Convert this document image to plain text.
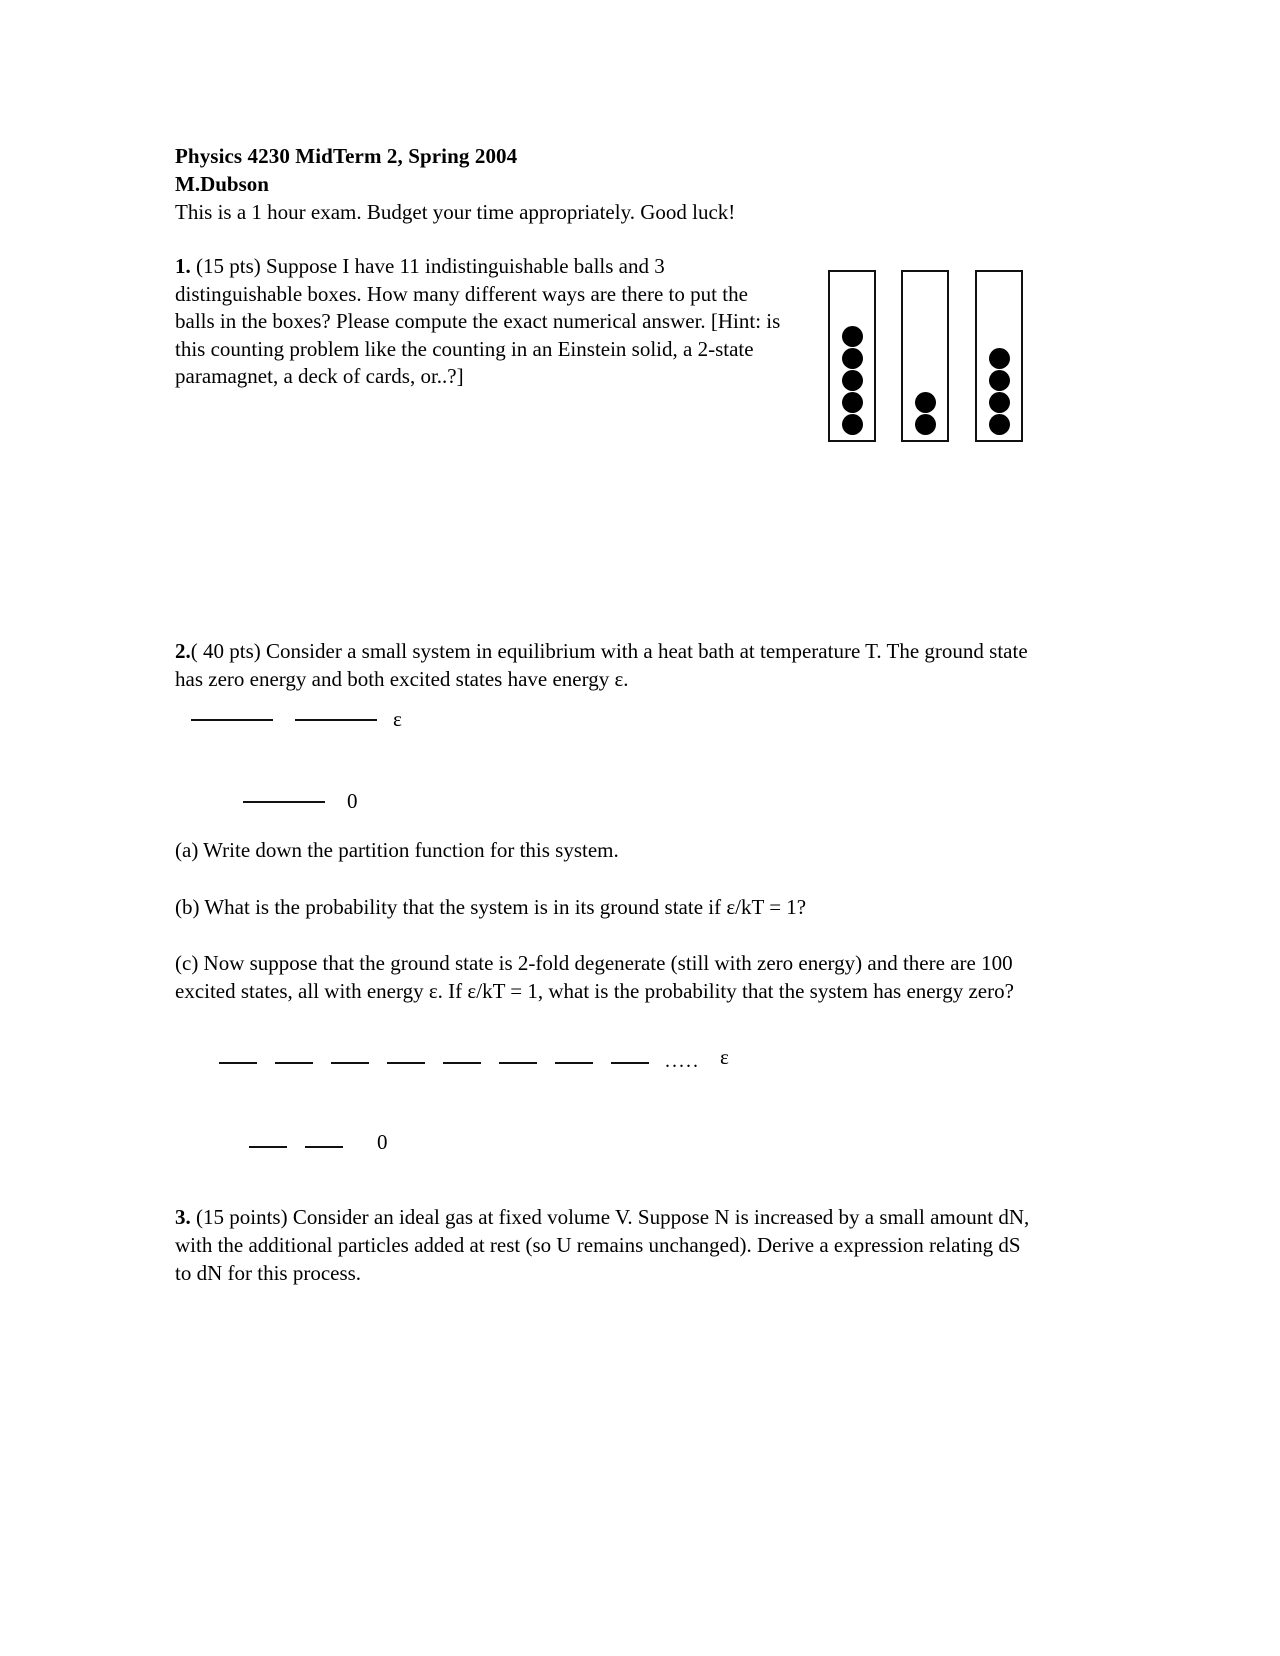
Physics 4230 MidTerm 2, Spring 2004
M.Dubson
This is a 1 hour exam. Budget your time appropriately. Good luck!
1. (15 pts) Suppose I have 11 indistinguishable balls and 3 distinguishable boxes. How many different ways are there to put the balls in the boxes? Please compute the exact numerical answer. [Hint: is this counting problem like the counting in an Einstein solid, a 2-state paramagnet, a deck of cards, or..?]
2.( 40 pts) Consider a small system in equilibrium with a heat bath at temperature T. The ground state has zero energy and both excited states have energy ε.
ε
0
(a) Write down the partition function for this system.
(b) What is the probability that the system is in its ground state if ε/kT = 1?
(c) Now suppose that the ground state is 2-fold degenerate (still with zero energy) and there are 100 excited states, all with energy ε. If ε/kT = 1, what is the probability that the system has energy zero?
..... ε
0
3. (15 points) Consider an ideal gas at fixed volume V. Suppose N is increased by a small amount dN, with the additional particles added at rest (so U remains unchanged). Derive a expression relating dS to dN for this process.
